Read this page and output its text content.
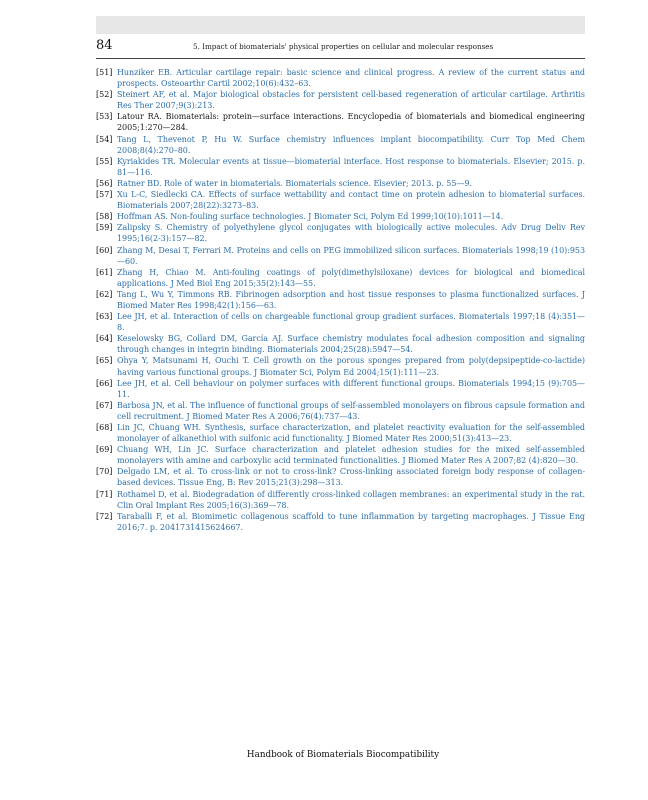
84	5. Impact of biomaterials' physical properties on cellular and molecular responses
[51] Hunziker EB. Articular cartilage repair: basic science and clinical progress. A review of the current status and prospects. Osteoarthr Cartil 2002;10(6):432–63.
[52] Steinert AF, et al. Major biological obstacles for persistent cell-based regeneration of articular cartilage. Arthritis Res Ther 2007;9(3):213.
[53] Latour RA. Biomaterials: protein—surface interactions. Encyclopedia of biomaterials and biomedical engineering 2005;1:270—284.
[54] Tang L, Thevenot P, Hu W. Surface chemistry influences implant biocompatibility. Curr Top Med Chem 2008;8(4):270–80.
[55] Kyriakides TR. Molecular events at tissue—biomaterial interface. Host response to biomaterials. Elsevier; 2015. p. 81—116.
[56] Ratner BD. Role of water in biomaterials. Biomaterials science. Elsevier; 2013. p. 55—9.
[57] Xu L-C, Siedlecki CA. Effects of surface wettability and contact time on protein adhesion to biomaterial surfaces. Biomaterials 2007;28(22):3273–83.
[58] Hoffman AS. Non-fouling surface technologies. J Biomater Sci, Polym Ed 1999;10(10):1011—14.
[59] Zalipsky S. Chemistry of polyethylene glycol conjugates with biologically active molecules. Adv Drug Deliv Rev 1995;16(2-3):157—82.
[60] Zhang M, Desai T, Ferrari M. Proteins and cells on PEG immobilized silicon surfaces. Biomaterials 1998;19 (10):953—60.
[61] Zhang H, Chiao M. Anti-fouling coatings of poly(dimethylsiloxane) devices for biological and biomedical applications. J Med Biol Eng 2015;35(2):143—55.
[62] Tang L, Wu Y, Timmons RB. Fibrinogen adsorption and host tissue responses to plasma functionalized surfaces. J Biomed Mater Res 1998;42(1):156—63.
[63] Lee JH, et al. Interaction of cells on chargeable functional group gradient surfaces. Biomaterials 1997;18 (4):351—8.
[64] Keselowsky BG, Collard DM, García AJ. Surface chemistry modulates focal adhesion composition and signaling through changes in integrin binding. Biomaterials 2004;25(28):5947—54.
[65] Ohya Y, Matsunami H, Ouchi T. Cell growth on the porous sponges prepared from poly(depsipeptide-co-lactide) having various functional groups. J Biomater Sci, Polym Ed 2004;15(1):111—23.
[66] Lee JH, et al. Cell behaviour on polymer surfaces with different functional groups. Biomaterials 1994;15 (9):705—11.
[67] Barbosa JN, et al. The influence of functional groups of self-assembled monolayers on fibrous capsule formation and cell recruitment. J Biomed Mater Res A 2006;76(4):737—43.
[68] Lin JC, Chuang WH. Synthesis, surface characterization, and platelet reactivity evaluation for the self-assembled monolayer of alkanethiol with sulfonic acid functionality. J Biomed Mater Res 2000;51(3):413—23.
[69] Chuang WH, Lin JC. Surface characterization and platelet adhesion studies for the mixed self-assembled monolayers with amine and carboxylic acid terminated functionalities. J Biomed Mater Res A 2007;82 (4):820—30.
[70] Delgado LM, et al. To cross-link or not to cross-link? Cross-linking associated foreign body response of collagen-based devices. Tissue Eng, B: Rev 2015;21(3):298—313.
[71] Rothamel D, et al. Biodegradation of differently cross-linked collagen membranes: an experimental study in the rat. Clin Oral Implant Res 2005;16(3):369—78.
[72] Taraballi F, et al. Biomimetic collagenous scaffold to tune inflammation by targeting macrophages. J Tissue Eng 2016;7. p. 2041731415624667.
Handbook of Biomaterials Biocompatibility
